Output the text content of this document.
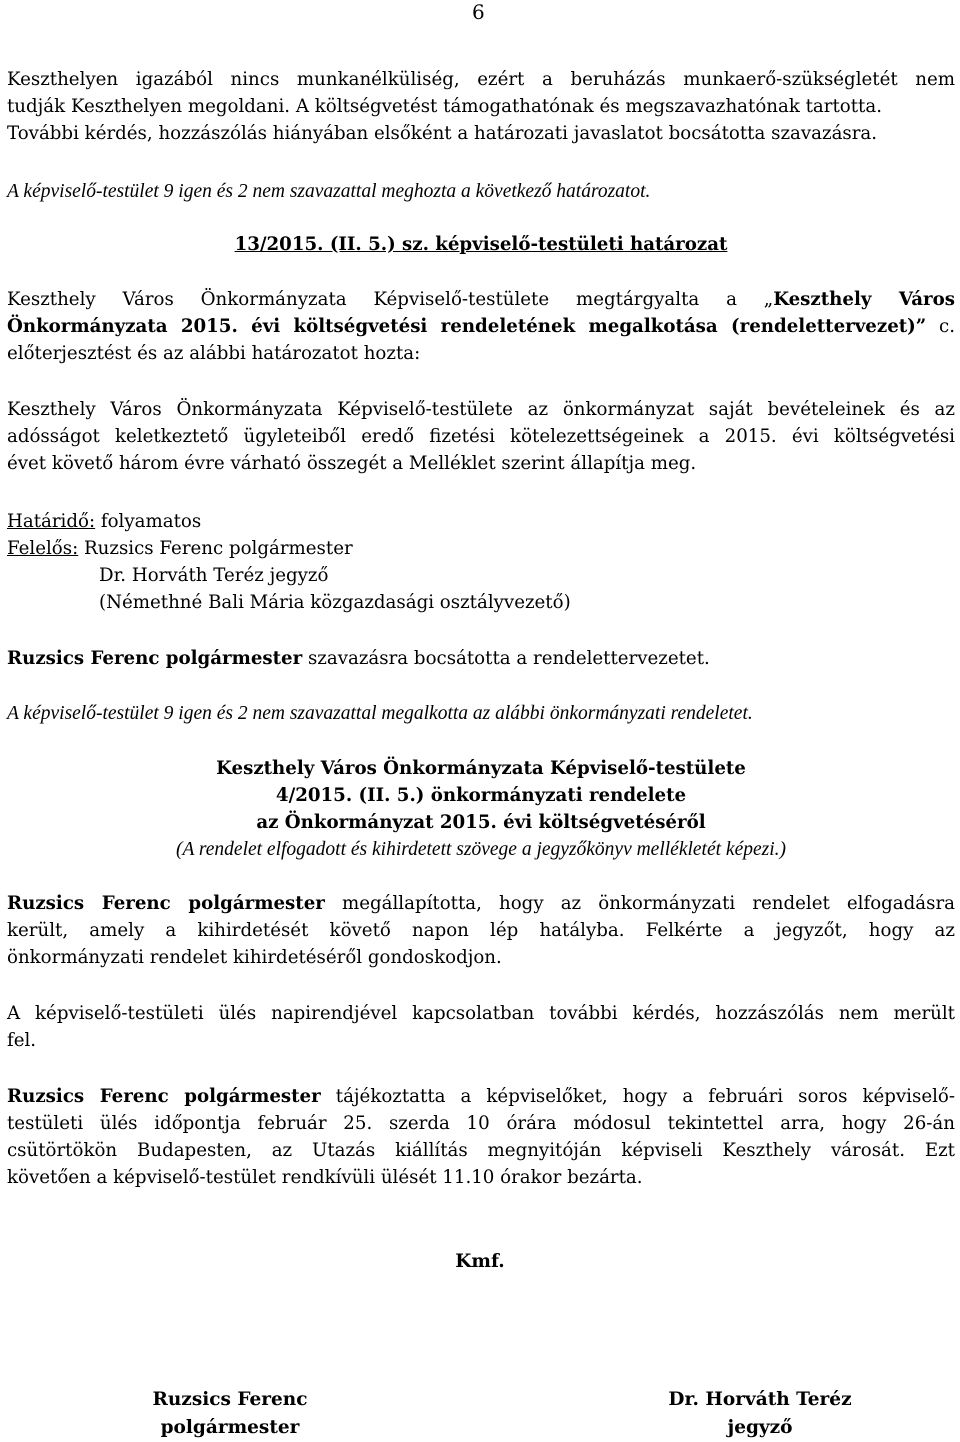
6
Keszthelyen igazából nincs munkanélküliség, ezért a beruházás munkaerő-szükségletét nem
tudják Keszthelyen megoldani. A költségvetést támogathatónak és megszavazhatónak tartotta.
További kérdés, hozzászólás hiányában elsőként a határozati javaslatot bocsátotta szavazásra.
A képviselő-testület 9 igen és 2 nem szavazattal meghozta a következő határozatot.
13/2015. (II. 5.) sz. képviselő-testületi határozat
Keszthely Város Önkormányzata Képviselő-testülete megtárgyalta a „Keszthely Város
Önkormányzata 2015. évi költségvetési rendeletének megalkotása (rendelettervezet)” c.
előterjesztést és az alábbi határozatot hozta:
Keszthely Város Önkormányzata Képviselő-testülete az önkormányzat saját bevételeinek és az
adósságot keletkeztető ügyleteiből eredő fizetési kötelezettségeinek a 2015. évi költségvetési
évet követő három évre várható összegét a Melléklet szerint állapítja meg.
Határidő: folyamatos
Felelős: Ruzsics Ferenc polgármester
Dr. Horváth Teréz jegyző
(Némethné Bali Mária közgazdasági osztályvezető)
Ruzsics Ferenc polgármester szavazásra bocsátotta a rendelettervezetet.
A képviselő-testület 9 igen és 2 nem szavazattal megalkotta az alábbi önkormányzati rendeletet.
Keszthely Város Önkormányzata Képviselő-testülete
4/2015. (II. 5.) önkormányzati rendelete
az Önkormányzat 2015. évi költségvetéséről
(A rendelet elfogadott és kihirdetett szövege a jegyzőkönyv mellékletét képezi.)
Ruzsics Ferenc polgármester megállapította, hogy az önkormányzati rendelet elfogadásra
került, amely a kihirdetését követő napon lép hatályba. Felkérte a jegyzőt, hogy az
önkormányzati rendelet kihirdetéséről gondoskodjon.
A képviselő-testületi ülés napirendjével kapcsolatban további kérdés, hozzászólás nem merült
fel.
Ruzsics Ferenc polgármester tájékoztatta a képviselőket, hogy a februári soros képviselő-
testületi ülés időpontja február 25. szerda 10 órára módosul tekintettel arra, hogy 26-án
csütörtökön Budapesten, az Utazás kiállítás megnyitóján képviseli Keszthely városát. Ezt
követően a képviselő-testület rendkívüli ülését 11.10 órakor bezárta.
Kmf.
Ruzsics Ferenc
polgármester
Dr. Horváth Teréz
jegyző
